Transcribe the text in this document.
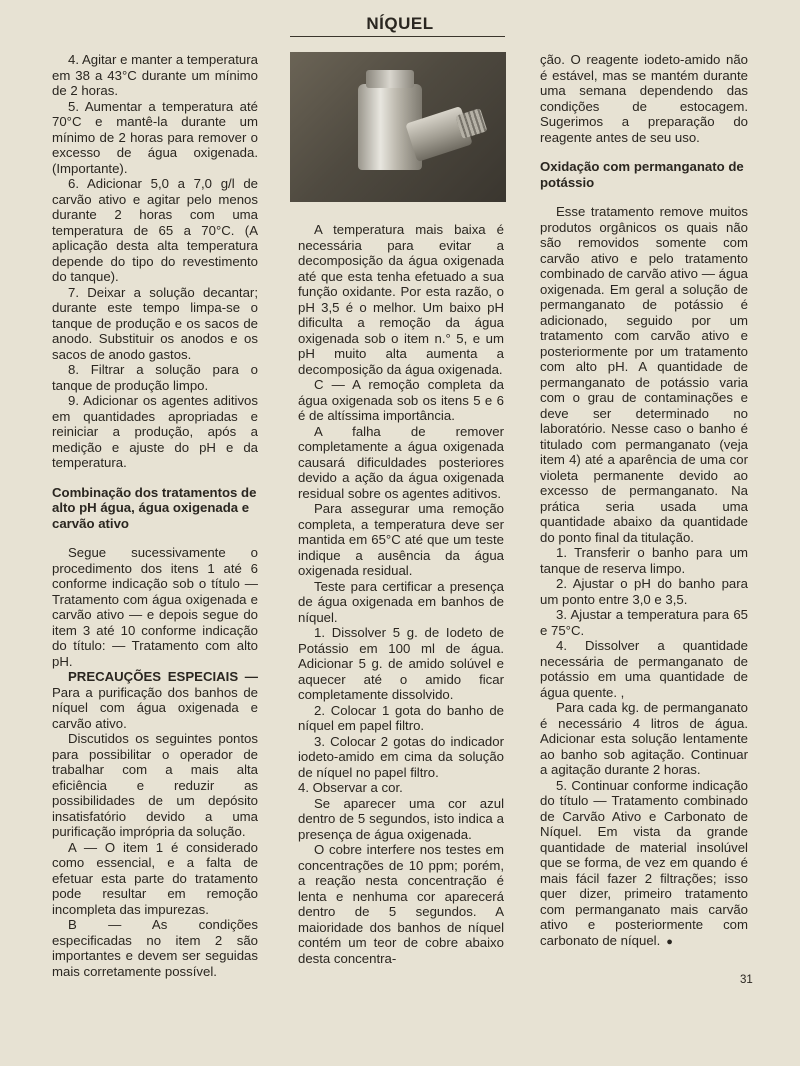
NÍQUEL

4. Agitar e manter a temperatura em 38 a 43°C durante um mínimo de 2 horas.

5. Aumentar a temperatura até 70°C e mantê-la durante um mínimo de 2 horas para remover o excesso de água oxigenada. (Importante).

6. Adicionar 5,0 a 7,0 g/l de carvão ativo e agitar pelo menos durante 2 horas com uma temperatura de 65 a 70°C. (A aplicação desta alta temperatura depende do tipo do revestimento do tanque).

7. Deixar a solução decantar; durante este tempo limpa-se o tanque de produção e os sacos de anodo. Substituir os anodos e os sacos de anodo gastos.

8. Filtrar a solução para o tanque de produção limpo.

9. Adicionar os agentes aditivos em quantidades apropriadas e reiniciar a produção, após a medição e ajuste do pH e da temperatura.

Combinação dos tratamentos de alto pH água, água oxigenada e carvão ativo

Segue sucessivamente o procedimento dos itens 1 até 6 conforme indicação sob o título — Tratamento com água oxigenada e carvão ativo — e depois segue do item 3 até 10 conforme indicação do título: — Tratamento com alto pH.

PRECAUÇÕES ESPECIAIS — Para a purificação dos banhos de níquel com água oxigenada e carvão ativo.

Discutidos os seguintes pontos para possibilitar o operador de trabalhar com a mais alta eficiência e reduzir as possibilidades de um depósito insatisfatório devido a uma purificação imprópria da solução.

A — O item 1 é considerado como essencial, e a falta de efetuar esta parte do tratamento pode resultar em remoção incompleta das impurezas.

B — As condições especificadas no item 2 são importantes e devem ser seguidas mais corretamente possível.

A temperatura mais baixa é necessária para evitar a decomposição da água oxigenada até que esta tenha efetuado a sua função oxidante. Por esta razão, o pH 3,5 é o melhor. Um baixo pH dificulta a remoção da água oxigenada sob o item n.° 5, e um pH muito alta aumenta a decomposição da água oxigenada.

C — A remoção completa da água oxigenada sob os itens 5 e 6 é de altíssima importância.

A falha de remover completamente a água oxigenada causará dificuldades posteriores devido a ação da água oxigenada residual sobre os agentes aditivos.

Para assegurar uma remoção completa, a temperatura deve ser mantida em 65°C até que um teste indique a ausência da água oxigenada residual.

Teste para certificar a presença de água oxigenada em banhos de níquel.

1. Dissolver 5 g. de Iodeto de Potássio em 100 ml de água. Adicionar 5 g. de amido solúvel e aquecer até o amido ficar completamente dissolvido.

2. Colocar 1 gota do banho de níquel em papel filtro.

3. Colocar 2 gotas do indicador iodeto-amido em cima da solução de níquel no papel filtro.

4. Observar a cor.

Se aparecer uma cor azul dentro de 5 segundos, isto indica a presença de água oxigenada.

O cobre interfere nos testes em concentrações de 10 ppm; porém, a reação nesta concentração é lenta e nenhuma cor aparecerá dentro de 5 segundos. A maioridade dos banhos de níquel contém um teor de cobre abaixo desta concentra-

ção. O reagente iodeto-amido não é estável, mas se mantém durante uma semana dependendo das condições de estocagem. Sugerimos a preparação do reagente antes de seu uso.

Oxidação com permanganato de potássio

Esse tratamento remove muitos produtos orgânicos os quais não são removidos somente com carvão ativo e pelo tratamento combinado de carvão ativo — água oxigenada. Em geral a solução de permanganato de potássio é adicionado, seguido por um tratamento com carvão ativo e posteriormente por um tratamento com alto pH. A quantidade de permanganato de potássio varia com o grau de contaminações e deve ser determinado no laboratório. Nesse caso o banho é titulado com permanganato (veja item 4) até a aparência de uma cor violeta permanente devido ao excesso de permanganato. Na prática seria usada uma quantidade abaixo da quantidade do ponto final da titulação.

1. Transferir o banho para um tanque de reserva limpo.

2. Ajustar o pH do banho para um ponto entre 3,0 e 3,5.

3. Ajustar a temperatura para 65 e 75°C.

4. Dissolver a quantidade necessária de permanganato de potássio em uma quantidade de água quente. ,

Para cada kg. de permanganato é necessário 4 litros de água. Adicionar esta solução lentamente ao banho sob agitação. Continuar a agitação durante 2 horas.

5. Continuar conforme indicação do título — Tratamento combinado de Carvão Ativo e Carbonato de Níquel. Em vista da grande quantidade de material insolúvel que se forma, de vez em quando é mais fácil fazer 2 filtrações; isso quer dizer, primeiro tratamento com permanganato mais carvão ativo e posteriormente com carbonato de níquel. ●

31
